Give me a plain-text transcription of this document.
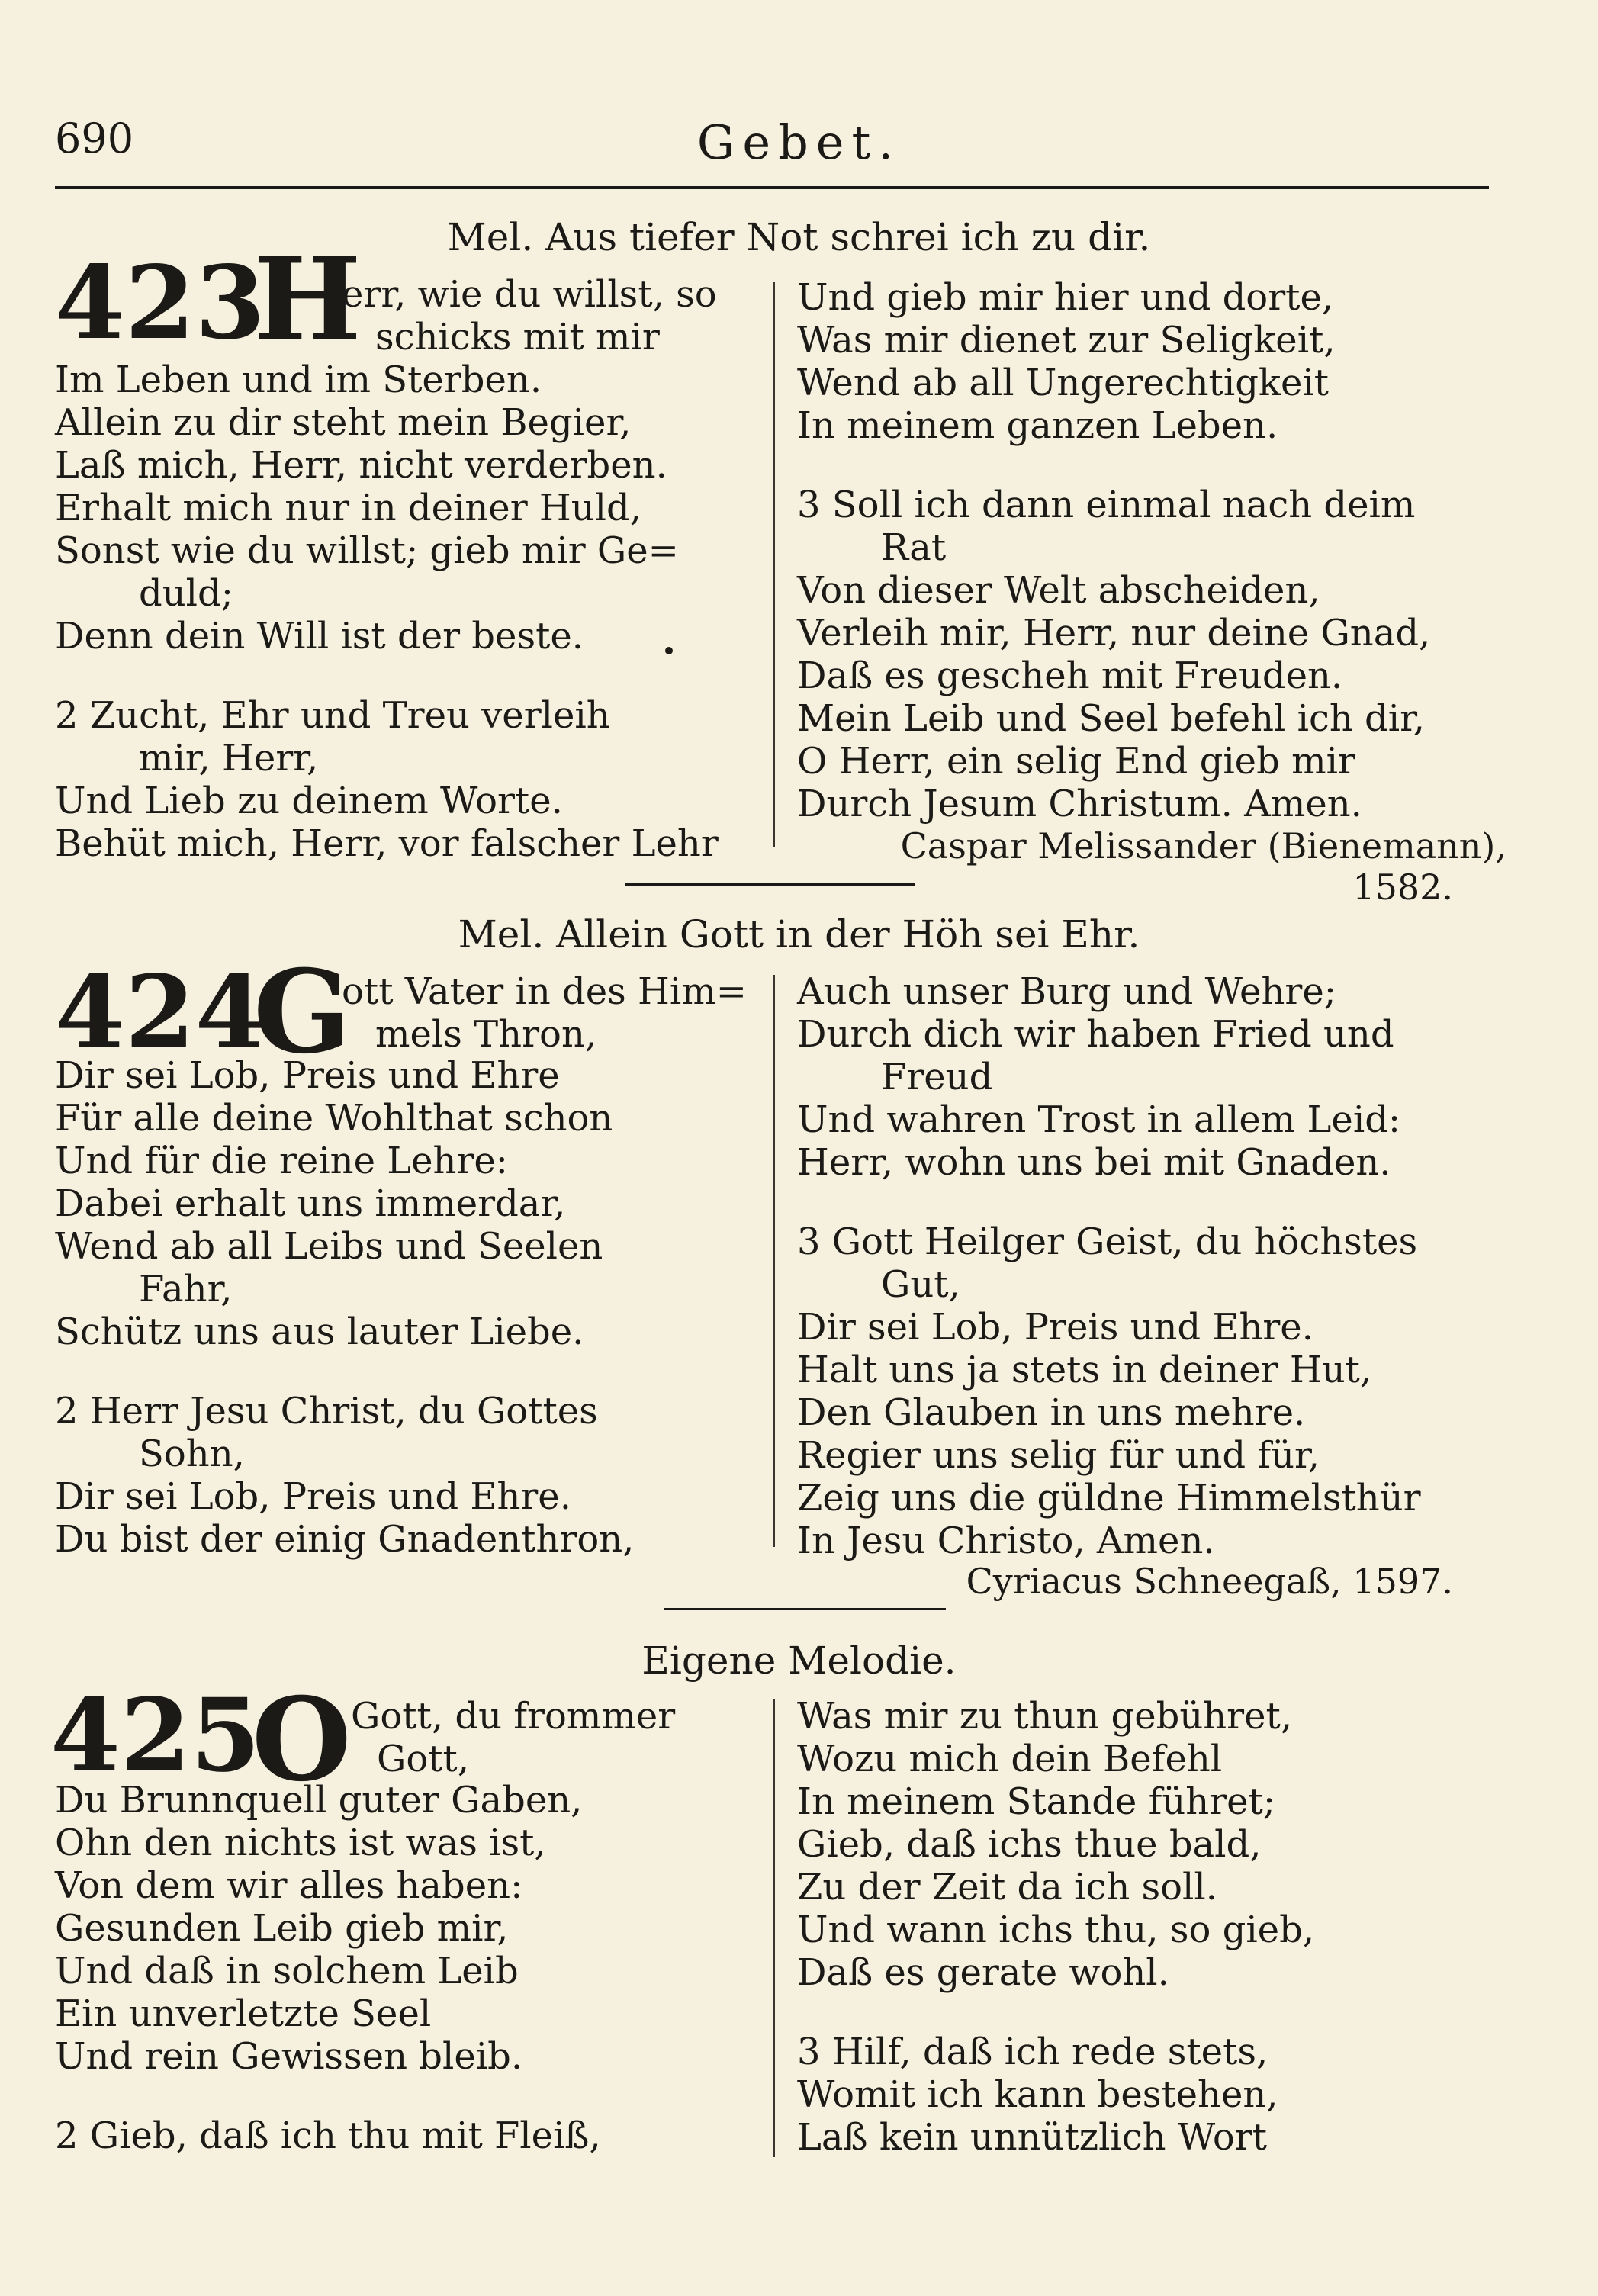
690	Gebet.
Mel. Aus tiefer Not schrei ich zu dir.
423
H
err, wie du willst, so
schicks mit mir
Im Leben und im Sterben.
Allein zu dir steht mein Begier,
Laß mich, Herr, nicht verderben.
Erhalt mich nur in deiner Huld,
Sonst wie du willst; gieb mir Ge=
duld;
Denn dein Will ist der beste.
2 Zucht, Ehr und Treu verleih
mir, Herr,
Und Lieb zu deinem Worte.
Behüt mich, Herr, vor falscher Lehr
Und gieb mir hier und dorte,
Was mir dienet zur Seligkeit,
Wend ab all Ungerechtigkeit
In meinem ganzen Leben.
3 Soll ich dann einmal nach deim
Rat
Von dieser Welt abscheiden,
Verleih mir, Herr, nur deine Gnad,
Daß es gescheh mit Freuden.
Mein Leib und Seel befehl ich dir,
O Herr, ein selig End gieb mir
Durch Jesum Christum. Amen.
Caspar Melissander (Bienemann),
1582.
Mel. Allein Gott in der Höh sei Ehr.
424
G
ott Vater in des Him=
mels Thron,
Dir sei Lob, Preis und Ehre
Für alle deine Wohlthat schon
Und für die reine Lehre:
Dabei erhalt uns immerdar,
Wend ab all Leibs und Seelen
Fahr,
Schütz uns aus lauter Liebe.
2 Herr Jesu Christ, du Gottes
Sohn,
Dir sei Lob, Preis und Ehre.
Du bist der einig Gnadenthron,
Auch unser Burg und Wehre;
Durch dich wir haben Fried und
Freud
Und wahren Trost in allem Leid:
Herr, wohn uns bei mit Gnaden.
3 Gott Heilger Geist, du höchstes
Gut,
Dir sei Lob, Preis und Ehre.
Halt uns ja stets in deiner Hut,
Den Glauben in uns mehre.
Regier uns selig für und für,
Zeig uns die güldne Himmelsthür
In Jesu Christo, Amen.
Cyriacus Schneegaß, 1597.
Eigene Melodie.
425
O Gott, du frommer
Gott,
Du Brunnquell guter Gaben,
Ohn den nichts ist was ist,
Von dem wir alles haben:
Gesunden Leib gieb mir,
Und daß in solchem Leib
Ein unverletzte Seel
Und rein Gewissen bleib.
2 Gieb, daß ich thu mit Fleiß,
Was mir zu thun gebühret,
Wozu mich dein Befehl
In meinem Stande führet;
Gieb, daß ichs thue bald,
Zu der Zeit da ich soll.
Und wann ichs thu, so gieb,
Daß es gerate wohl.
3 Hilf, daß ich rede stets,
Womit ich kann bestehen,
Laß kein unnützlich Wort
